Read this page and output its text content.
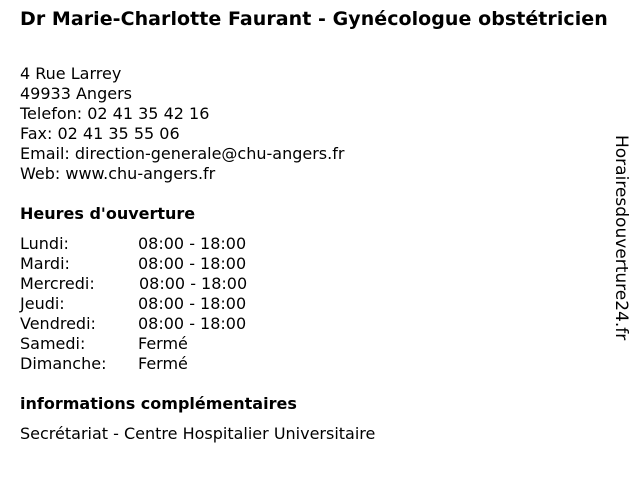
Dr Marie-Charlotte Faurant - Gynécologue obstétricien
4 Rue Larrey
49933 Angers
Telefon: 02 41 35 42 16
Fax: 02 41 35 55 06
Email: direction-generale@chu-angers.fr
Web: www.chu-angers.fr
Heures d'ouverture
Lundi:	08:00 - 18:00
Mardi:	08:00 - 18:00
Mercredi:	08:00 - 18:00
Jeudi:	08:00 - 18:00
Vendredi:	08:00 - 18:00
Samedi:	Fermé
Dimanche:	Fermé
informations complémentaires
Secrétariat - Centre Hospitalier Universitaire
Horairesdouverture24.fr
